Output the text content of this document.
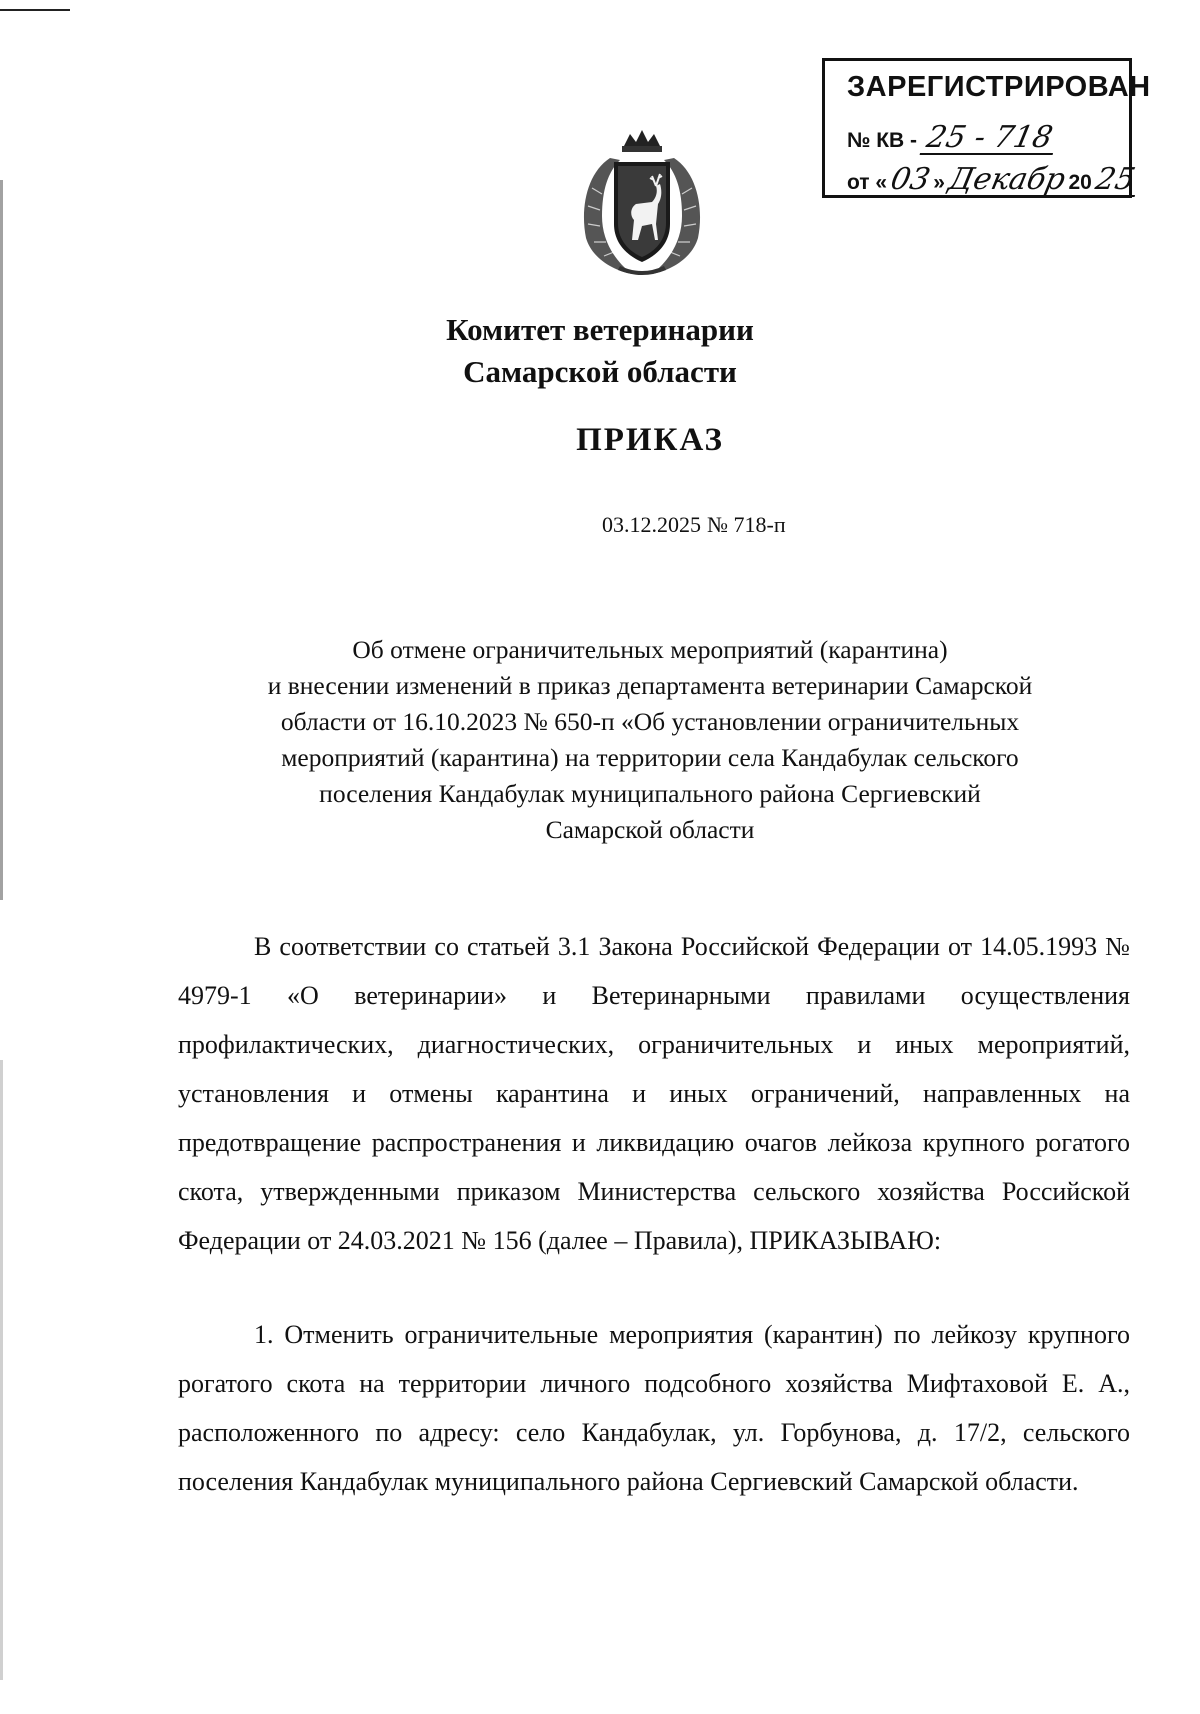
ЗАРЕГИСТРИРОВАН
№ КВ - 25 - 718
от «03»Декабр2025
Комитет ветеринарии
Самарской области
ПРИКАЗ
03.12.2025 № 718-п
Об отмене ограничительных мероприятий (карантина)
и внесении изменений в приказ департамента ветеринарии Самарской
области от 16.10.2023 № 650-п «Об установлении ограничительных
мероприятий (карантина) на территории села Кандабулак сельского
поселения Кандабулак муниципального района Сергиевский
Самарской области
В соответствии со статьей 3.1 Закона Российской Федерации от 14.05.1993 № 4979-1 «О ветеринарии» и Ветеринарными правилами осуществления профилактических, диагностических, ограничительных и иных мероприятий, установления и отмены карантина и иных ограничений, направленных на предотвращение распространения и ликвидацию очагов лейкоза крупного рогатого скота, утвержденными приказом Министерства сельского хозяйства Российской Федерации от 24.03.2021 № 156 (далее – Правила), ПРИКАЗЫВАЮ:
1. Отменить ограничительные мероприятия (карантин) по лейкозу крупного рогатого скота на территории личного подсобного хозяйства Мифтаховой Е. А., расположенного по адресу: село Кандабулак, ул. Горбунова, д. 17/2, сельского поселения Кандабулак муниципального района Сергиевский Самарской области.
